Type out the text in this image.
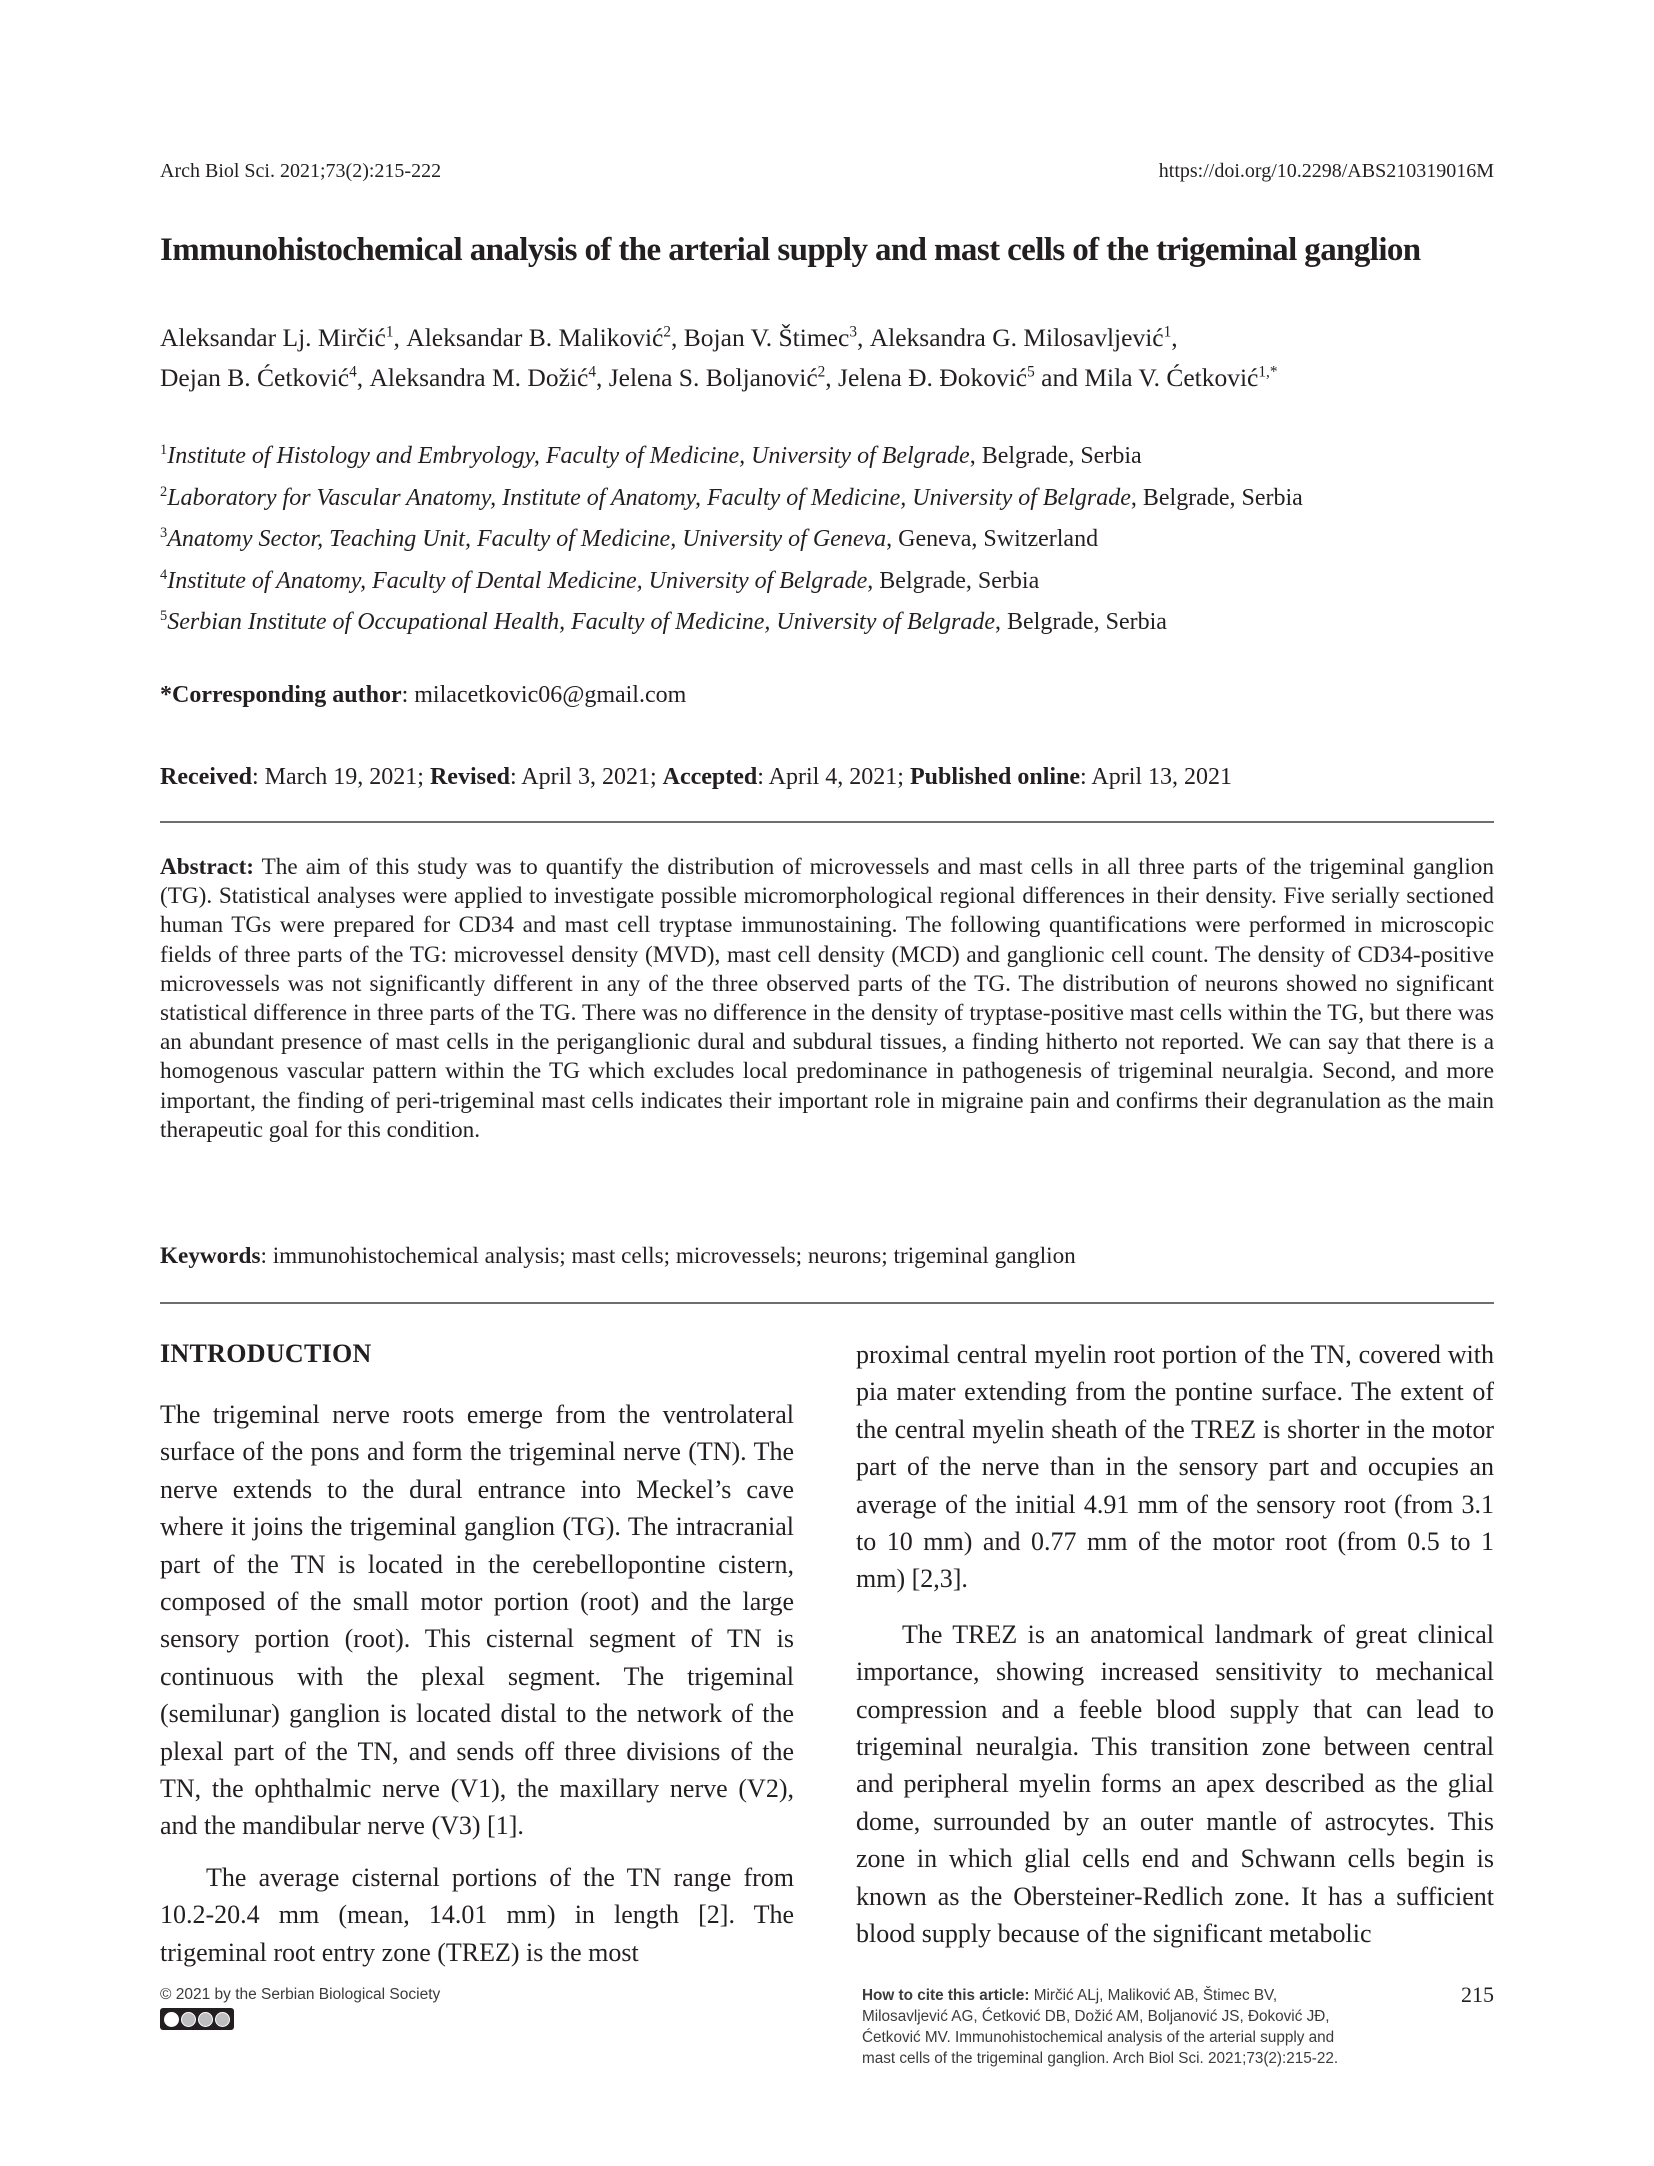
Arch Biol Sci. 2021;73(2):215-222	https://doi.org/10.2298/ABS210319016M
Immunohistochemical analysis of the arterial supply and mast cells of the trigeminal ganglion
Aleksandar Lj. Mirčić$^1$, Aleksandar B. Maliković$^2$, Bojan V. Štimec$^3$, Aleksandra G. Milosavljević$^1$,
Dejan B. Ćetković$^4$, Aleksandra M. Dožić$^4$, Jelena S. Boljanović$^2$, Jelena Đ. Đoković$^5$ and Mila V. Ćetković$^{1,*}$
$^1$Institute of Histology and Embryology, Faculty of Medicine, University of Belgrade, Belgrade, Serbia
$^2$Laboratory for Vascular Anatomy, Institute of Anatomy, Faculty of Medicine, University of Belgrade, Belgrade, Serbia
$^3$Anatomy Sector, Teaching Unit, Faculty of Medicine, University of Geneva, Geneva, Switzerland
$^4$Institute of Anatomy, Faculty of Dental Medicine, University of Belgrade, Belgrade, Serbia
$^5$Serbian Institute of Occupational Health, Faculty of Medicine, University of Belgrade, Belgrade, Serbia
*Corresponding author: milacetkovic06@gmail.com
Received: March 19, 2021; Revised: April 3, 2021; Accepted: April 4, 2021; Published online: April 13, 2021
Abstract: The aim of this study was to quantify the distribution of microvessels and mast cells in all three parts of the trigeminal ganglion (TG). Statistical analyses were applied to investigate possible micromorphological regional differences in their density. Five serially sectioned human TGs were prepared for CD34 and mast cell tryptase immunostaining. The following quantifications were performed in microscopic fields of three parts of the TG: microvessel density (MVD), mast cell density (MCD) and ganglionic cell count. The density of CD34-positive microvessels was not significantly different in any of the three observed parts of the TG. The distribution of neurons showed no significant statistical difference in three parts of the TG. There was no difference in the density of tryptase-positive mast cells within the TG, but there was an abundant presence of mast cells in the periganglionic dural and subdural tissues, a finding hitherto not reported. We can say that there is a homogenous vascular pattern within the TG which excludes local predominance in pathogenesis of trigeminal neuralgia. Second, and more important, the finding of peri-trigeminal mast cells indicates their important role in migraine pain and confirms their degranulation as the main therapeutic goal for this condition.
Keywords: immunohistochemical analysis; mast cells; microvessels; neurons; trigeminal ganglion
INTRODUCTION

The trigeminal nerve roots emerge from the ventrolateral surface of the pons and form the trigeminal nerve (TN). The nerve extends to the dural entrance into Meckel’s cave where it joins the trigeminal ganglion (TG). The intracranial part of the TN is located in the cerebellopontine cistern, composed of the small motor portion (root) and the large sensory portion (root). This cisternal segment of TN is continuous with the plexal segment. The trigeminal (semilunar) ganglion is located distal to the network of the plexal part of the TN, and sends off three divisions of the TN, the ophthalmic nerve (V1), the maxillary nerve (V2), and the mandibular nerve (V3) [1].

The average cisternal portions of the TN range from 10.2-20.4 mm (mean, 14.01 mm) in length [2]. The trigeminal root entry zone (TREZ) is the most

proximal central myelin root portion of the TN, covered with pia mater extending from the pontine surface. The extent of the central myelin sheath of the TREZ is shorter in the motor part of the nerve than in the sensory part and occupies an average of the initial 4.91 mm of the sensory root (from 3.1 to 10 mm) and 0.77 mm of the motor root (from 0.5 to 1 mm) [2,3].

The TREZ is an anatomical landmark of great clinical importance, showing increased sensitivity to mechanical compression and a feeble blood supply that can lead to trigeminal neuralgia. This transition zone between central and peripheral myelin forms an apex described as the glial dome, surrounded by an outer mantle of astrocytes. This zone in which glial cells end and Schwann cells begin is known as the Obersteiner-Redlich zone. It has a sufficient blood supply because of the significant metabolic

© 2021 by the Serbian Biological Society	How to cite this article: Mirčić ALj, Maliković AB, Štimec BV, Milosavljević AG, Ćetković DB, Dožić AM, Boljanović JS, Đoković JĐ, Ćetković MV. Immunohistochemical analysis of the arterial supply and mast cells of the trigeminal ganglion. Arch Biol Sci. 2021;73(2):215-22.
215
